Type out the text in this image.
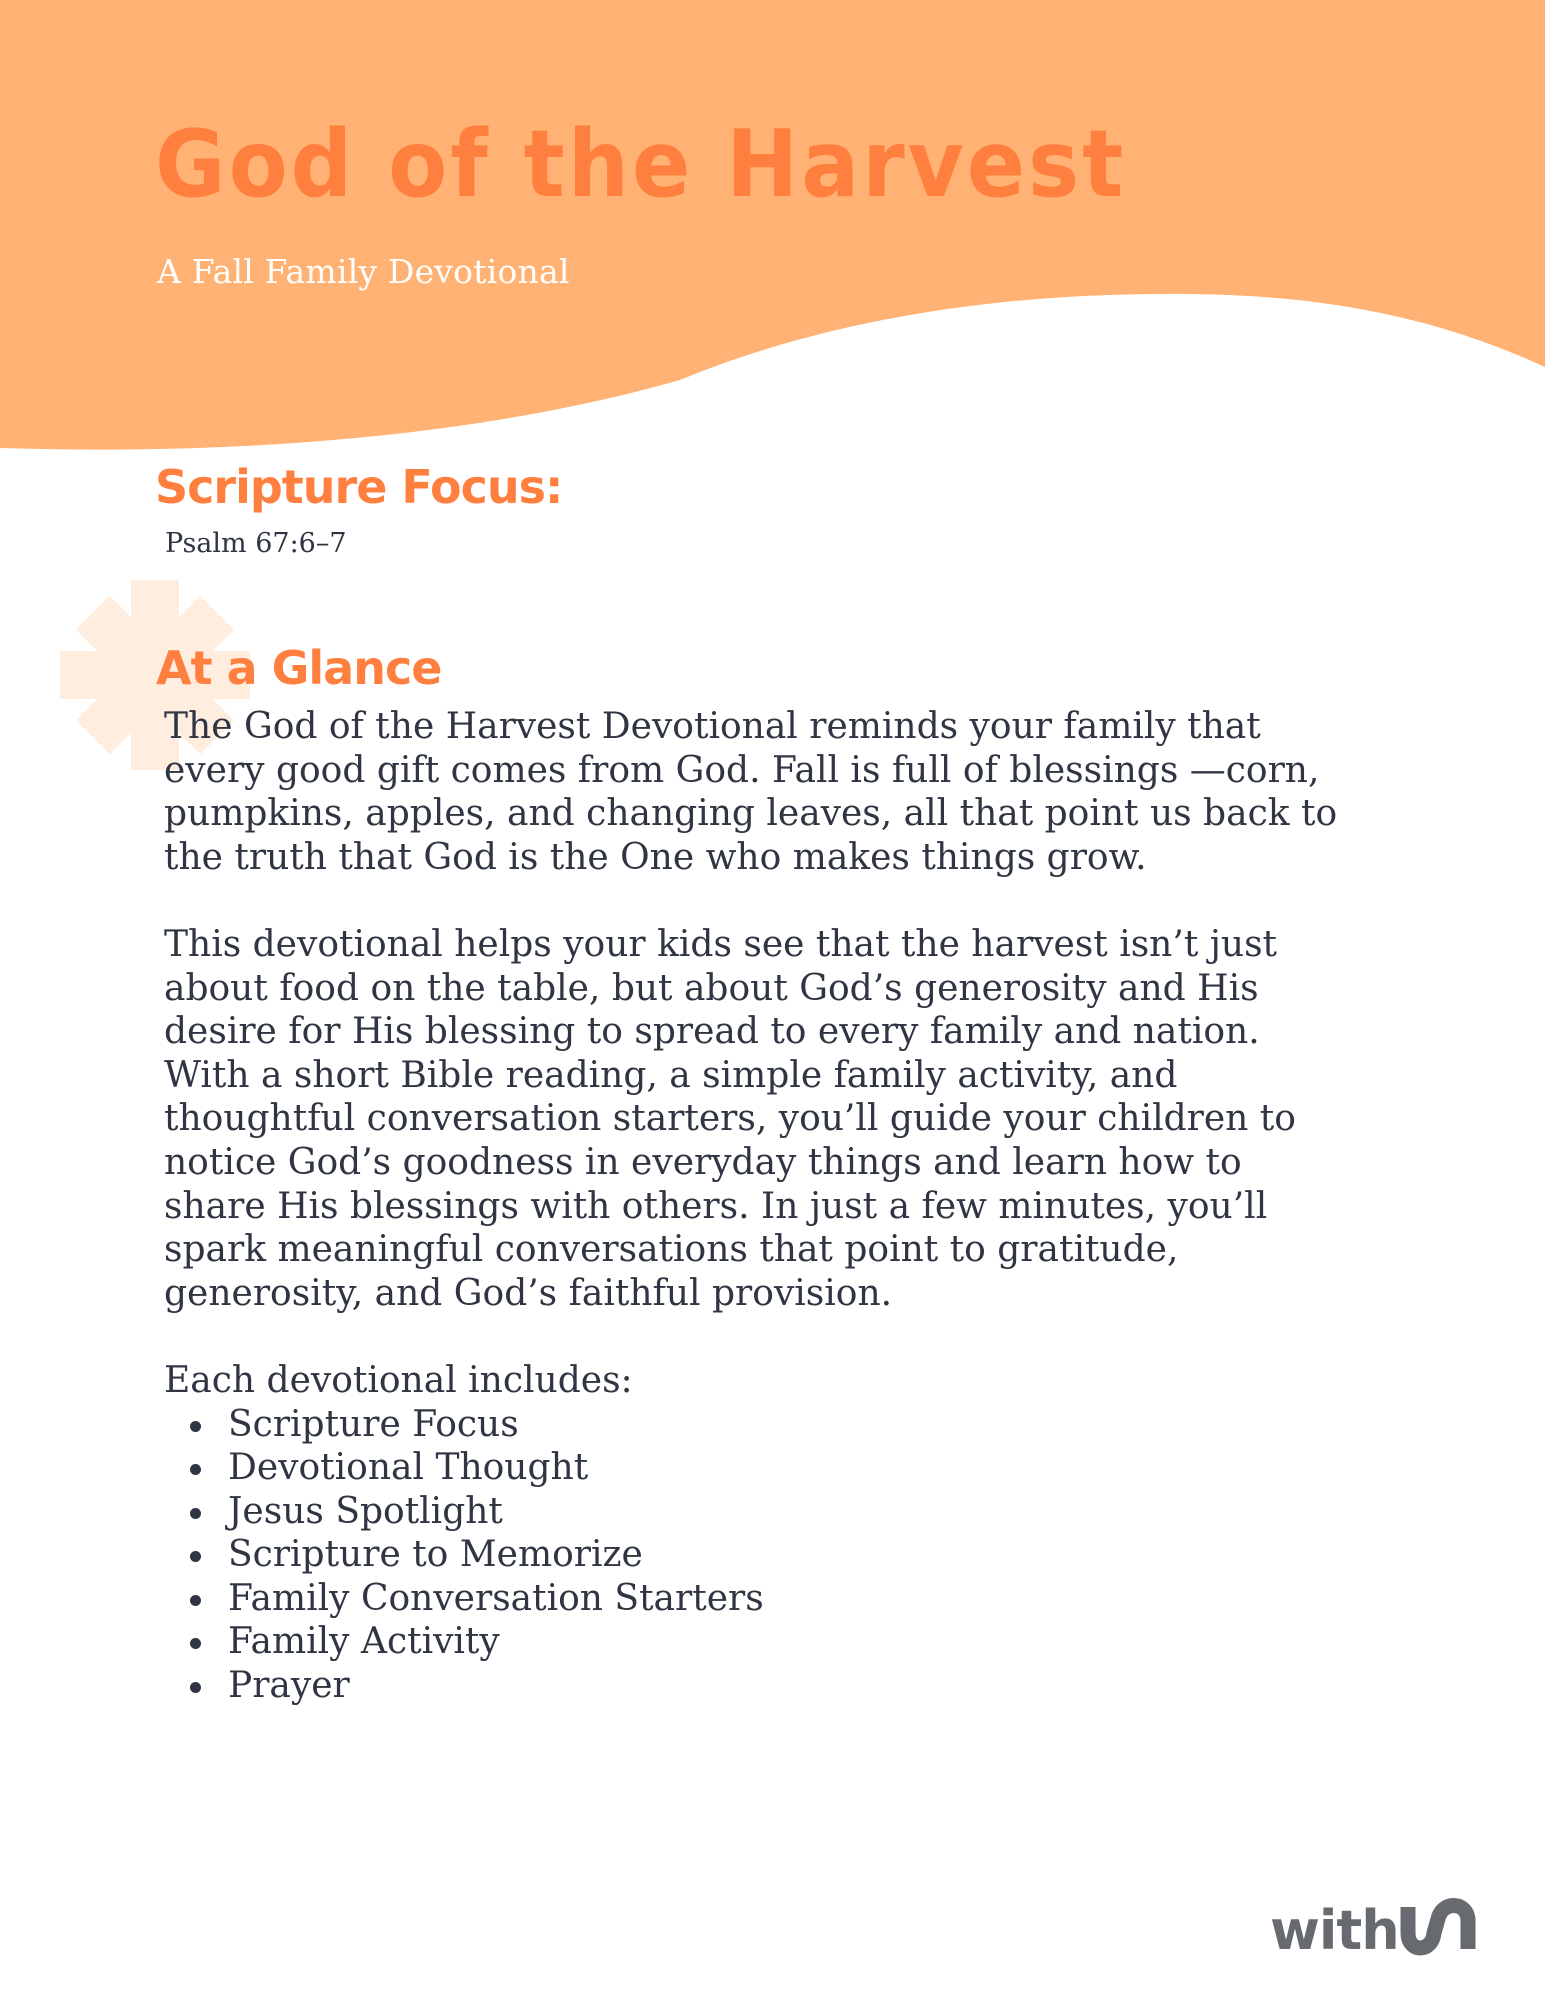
God of the Harvest

A Fall Family Devotional

Scripture Focus:

Psalm 67:6–7

At a Glance

The God of the Harvest Devotional reminds your family that every good gift comes from God. Fall is full of blessings —corn, pumpkins, apples, and changing leaves, all that point us back to the truth that God is the One who makes things grow.

This devotional helps your kids see that the harvest isn’t just about food on the table, but about God’s generosity and His desire for His blessing to spread to every family and nation. With a short Bible reading, a simple family activity, and thoughtful conversation starters, you’ll guide your children to notice God’s goodness in everyday things and learn how to share His blessings with others. In just a few minutes, you’ll spark meaningful conversations that point to gratitude, generosity, and God’s faithful provision.

Each devotional includes:

Scripture Focus
Devotional Thought
Jesus Spotlight
Scripture to Memorize
Family Conversation Starters
Family Activity
Prayer
with
